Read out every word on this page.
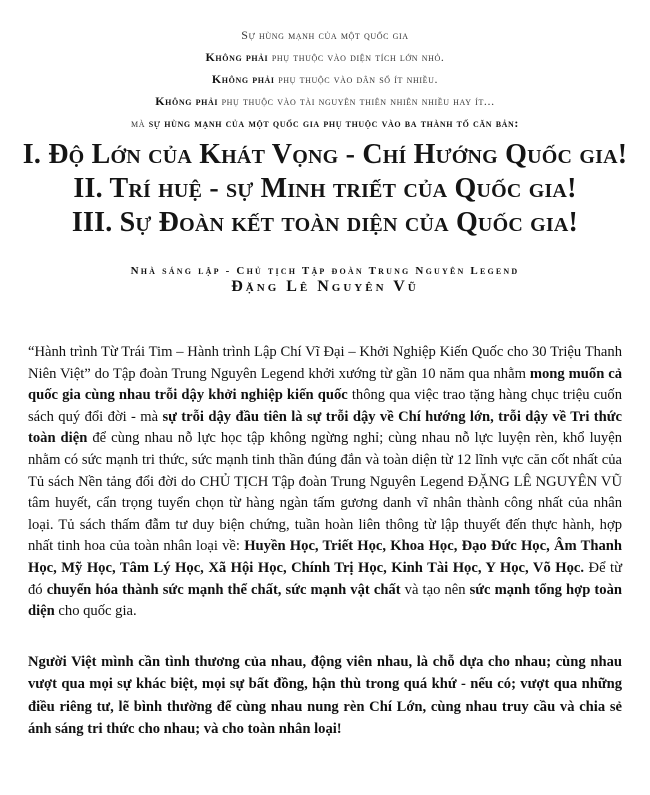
Sự hùng mạnh của một quốc gia

Không phải phụ thuộc vào diện tích lớn nhỏ.

Không phải phụ thuộc vào dân số ít nhiều.

Không phải phụ thuộc vào tài nguyên thiên nhiên nhiều hay ít...

mà sự hùng mạnh của một quốc gia phụ thuộc vào ba thành tố căn bản:

I. Độ Lớn của Khát Vọng - Chí Hướng Quốc gia!
II. Trí huệ - sự Minh triết của Quốc gia!
III. Sự Đoàn kết toàn diện của Quốc gia!
Nhà sáng lập - Chủ tịch Tập đoàn Trung Nguyên Legend
Đặng Lê Nguyên Vũ

“Hành trình Từ Trái Tim – Hành trình Lập Chí Vĩ Đại – Khởi Nghiệp Kiến Quốc cho 30 Triệu Thanh Niên Việt” do Tập đoàn Trung Nguyên Legend khởi xướng từ gần 10 năm qua nhằm mong muốn cả quốc gia cùng nhau trỗi dậy khởi nghiệp kiến quốc thông qua việc trao tặng hàng chục triệu cuốn sách quý đổi đời - mà sự trỗi dậy đầu tiên là sự trỗi dậy về Chí hướng lớn, trỗi dậy về Tri thức toàn diện để cùng nhau nỗ lực học tập không ngừng nghỉ; cùng nhau nỗ lực luyện rèn, khổ luyện nhằm có sức mạnh tri thức, sức mạnh tinh thần đúng đắn và toàn diện từ 12 lĩnh vực căn cốt nhất của Tủ sách Nền tảng đổi đời do CHỦ TỊCH Tập đoàn Trung Nguyên Legend ĐẶNG LÊ NGUYÊN VŨ tâm huyết, cẩn trọng tuyển chọn từ hàng ngàn tấm gương danh vĩ nhân thành công nhất của nhân loại. Tủ sách thấm đẫm tư duy biện chứng, tuần hoàn liên thông từ lập thuyết đến thực hành, hợp nhất tinh hoa của toàn nhân loại về: Huyền Học, Triết Học, Khoa Học, Đạo Đức Học, Âm Thanh Học, Mỹ Học, Tâm Lý Học, Xã Hội Học, Chính Trị Học, Kinh Tài Học, Y Học, Võ Học. Để từ đó chuyển hóa thành sức mạnh thể chất, sức mạnh vật chất và tạo nên sức mạnh tổng hợp toàn diện cho quốc gia.

Người Việt mình cần tình thương của nhau, động viên nhau, là chỗ dựa cho nhau; cùng nhau vượt qua mọi sự khác biệt, mọi sự bất đồng, hận thù trong quá khứ - nếu có; vượt qua những điều riêng tư, lẽ bình thường để cùng nhau nung rèn Chí Lớn, cùng nhau truy cầu và chia sẻ ánh sáng tri thức cho nhau; và cho toàn nhân loại!
